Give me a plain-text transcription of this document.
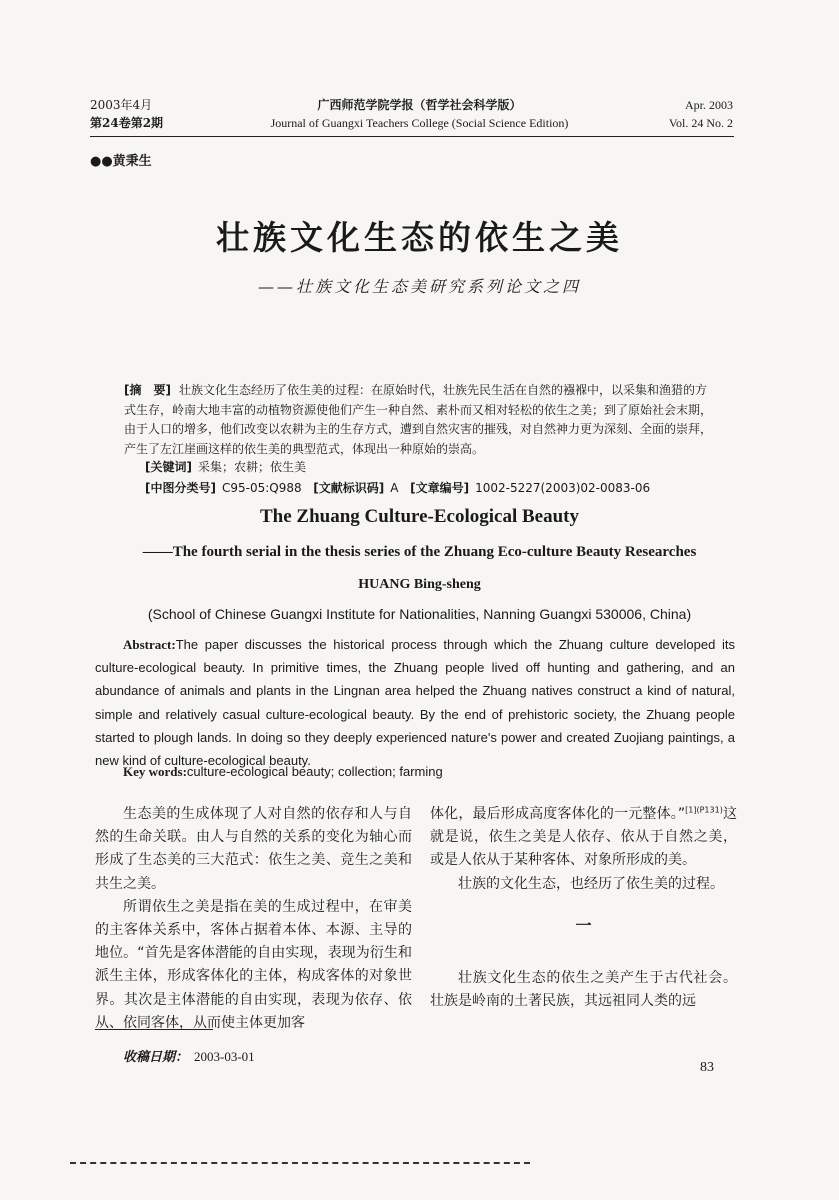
2003年4月
第24卷第2期
广西师范学院学报（哲学社会科学版）
Journal of Guangxi Teachers College (Social Science Edition)
Apr. 2003
Vol. 24 No. 2
●●黄秉生
壮族文化生态的依生之美
——壮族文化生态美研究系列论文之四
[摘　要] 壮族文化生态经历了依生美的过程：在原始时代，壮族先民生活在自然的襁褓中，以采集和渔猎的方式生存，岭南大地丰富的动植物资源使他们产生一种自然、素朴而又相对轻松的依生之美；到了原始社会末期，由于人口的增多，他们改变以农耕为主的生存方式，遭到自然灾害的摧残，对自然神力更为深刻、全面的崇拜，产生了左江崖画这样的依生美的典型范式，体现出一种原始的崇高。
[关键词] 采集；农耕；依生美
[中图分类号] C95-05:Q988 [文献标识码] A [文章编号] 1002-5227(2003)02-0083-06
The Zhuang Culture-Ecological Beauty
——The fourth serial in the thesis series of the Zhuang Eco-culture Beauty Researches
HUANG Bing-sheng
(School of Chinese Guangxi Institute for Nationalities, Nanning Guangxi 530006, China)
Abstract:The paper discusses the historical process through which the Zhuang culture developed its culture-ecological beauty. In primitive times, the Zhuang people lived off hunting and gathering, and an abundance of animals and plants in the Lingnan area helped the Zhuang natives construct a kind of natural, simple and relatively casual culture-ecological beauty. By the end of prehistoric society, the Zhuang people started to plough lands. In doing so they deeply experienced nature's power and created Zuojiang paintings, a new kind of culture-ecological beauty.
Key words:culture-ecological beauty; collection; farming

生态美的生成体现了人对自然的依存和人与自然的生命关联。由人与自然的关系的变化为轴心而形成了生态美的三大范式：依生之美、竞生之美和共生之美。

所谓依生之美是指在美的生成过程中，在审美的主客体关系中，客体占据着本体、本源、主导的地位。“首先是客体潜能的自由实现，表现为衍生和派生主体，形成客体化的主体，构成客体的对象世界。其次是主体潜能的自由实现，表现为依存、依从、依同客体，从而使主体更加客

体化，最后形成高度客体化的一元整体。”$^{[1](P131)}$这就是说，依生之美是人依存、依从于自然之美，或是人依从于某种客体、对象所形成的美。

壮族的文化生态，也经历了依生美的过程。

一

壮族文化生态的依生之美产生于古代社会。壮族是岭南的土著民族，其远祖同人类的远

收稿日期： 2003-03-01
83
